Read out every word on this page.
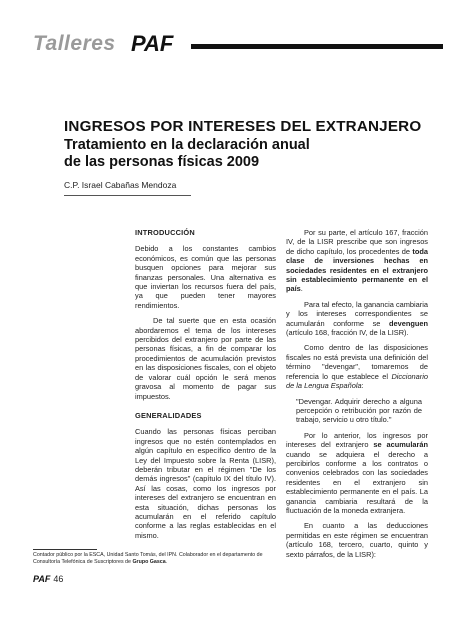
Talleres PAF
INGRESOS POR INTERESES DEL EXTRANJERO
Tratamiento en la declaración anual
de las personas físicas 2009
C.P. Israel Cabañas Mendoza
INTRODUCCIÓN

Debido a los constantes cambios económicos, es común que las personas busquen opciones para mejorar sus finanzas personales. Una alternativa es que inviertan los recursos fuera del país, ya que pueden tener mayores rendimientos.

De tal suerte que en esta ocasión abordaremos el tema de los intereses percibidos del extranjero por parte de las personas físicas, a fin de comparar los procedimientos de acumulación previstos en las disposiciones fiscales, con el objeto de valorar cuál opción le será menos gravosa al momento de pagar sus impuestos.

GENERALIDADES

Cuando las personas físicas perciban ingresos que no estén contemplados en algún capítulo en específico dentro de la Ley del Impuesto sobre la Renta (LISR), deberán tributar en el régimen "De los demás ingresos" (capítulo IX del título IV). Así las cosas, como los ingresos por intereses del extranjero se encuentran en esta situación, dichas personas los acumularán en el referido capítulo conforme a las reglas establecidas en el mismo.

Por su parte, el artículo 167, fracción IV, de la LISR prescribe que son ingresos de dicho capítulo, los procedentes de toda clase de inversiones hechas en sociedades residentes en el extranjero sin establecimiento permanente en el país.

Para tal efecto, la ganancia cambiaria y los intereses correspondientes se acumularán conforme se devenguen (artículo 168, fracción IV, de la LISR).

Como dentro de las disposiciones fiscales no está prevista una definición del término "devengar", tomaremos de referencia lo que establece el Diccionario de la Lengua Española:

"Devengar. Adquirir derecho a alguna percepción o retribución por razón de trabajo, servicio u otro título."

Por lo anterior, los ingresos por intereses del extranjero se acumularán cuando se adquiera el derecho a percibirlos conforme a los contratos o convenios celebrados con las sociedades residentes en el extranjero sin establecimiento permanente en el país. La ganancia cambiaria resultará de la fluctuación de la moneda extranjera.

En cuanto a las deducciones permitidas en este régimen se encuentran (artículo 168, tercero, cuarto, quinto y sexto párrafos, de la LISR):

Contador público por la ESCA, Unidad Santo Tomás, del IPN. Colaborador en el departamento de Consultoría Telefónica de Suscriptores de Grupo Gasca.
PAF 46
